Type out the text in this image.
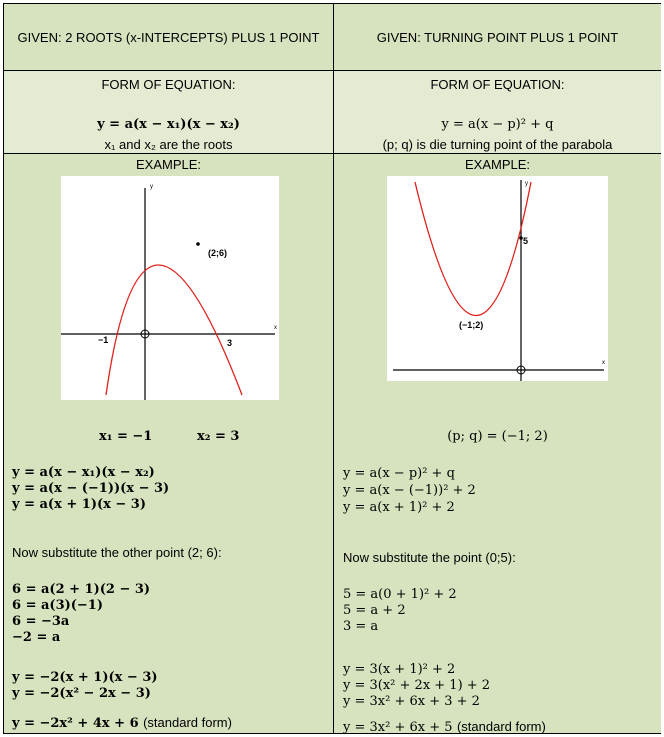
GIVEN: 2 ROOTS (x-INTERCEPTS) PLUS 1 POINT	GIVEN: TURNING POINT PLUS 1 POINT
FORM OF EQUATION:
y = a(x − x₁)(x − x₂)
x₁ and x₂ are the roots
FORM OF EQUATION:
y = a(x − p)² + q
(p; q) is die turning point of the parabola
EXAMPLE:
y
x
(2;6)
−1	3
x₁ = −1	x₂ = 3
y = a(x − x₁)(x − x₂)
y = a(x − (−1))(x − 3)
y = a(x + 1)(x − 3)
Now substitute the other point (2; 6):
6 = a(2 + 1)(2 − 3)
6 = a(3)(−1)
6 = −3a
−2 = a
y = −2(x + 1)(x − 3)
y = −2(x² − 2x − 3)
y = −2x² + 4x + 6 (standard form)
EXAMPLE:
y
x
5
(−1;2)
(p; q) = (−1; 2)
y = a(x − p)² + q
y = a(x − (−1))² + 2
y = a(x + 1)² + 2
Now substitute the point (0;5):
5 = a(0 + 1)² + 2
5 = a + 2
3 = a
y = 3(x + 1)² + 2
y = 3(x² + 2x + 1) + 2
y = 3x² + 6x + 3 + 2
y = 3x² + 6x + 5 (standard form)
